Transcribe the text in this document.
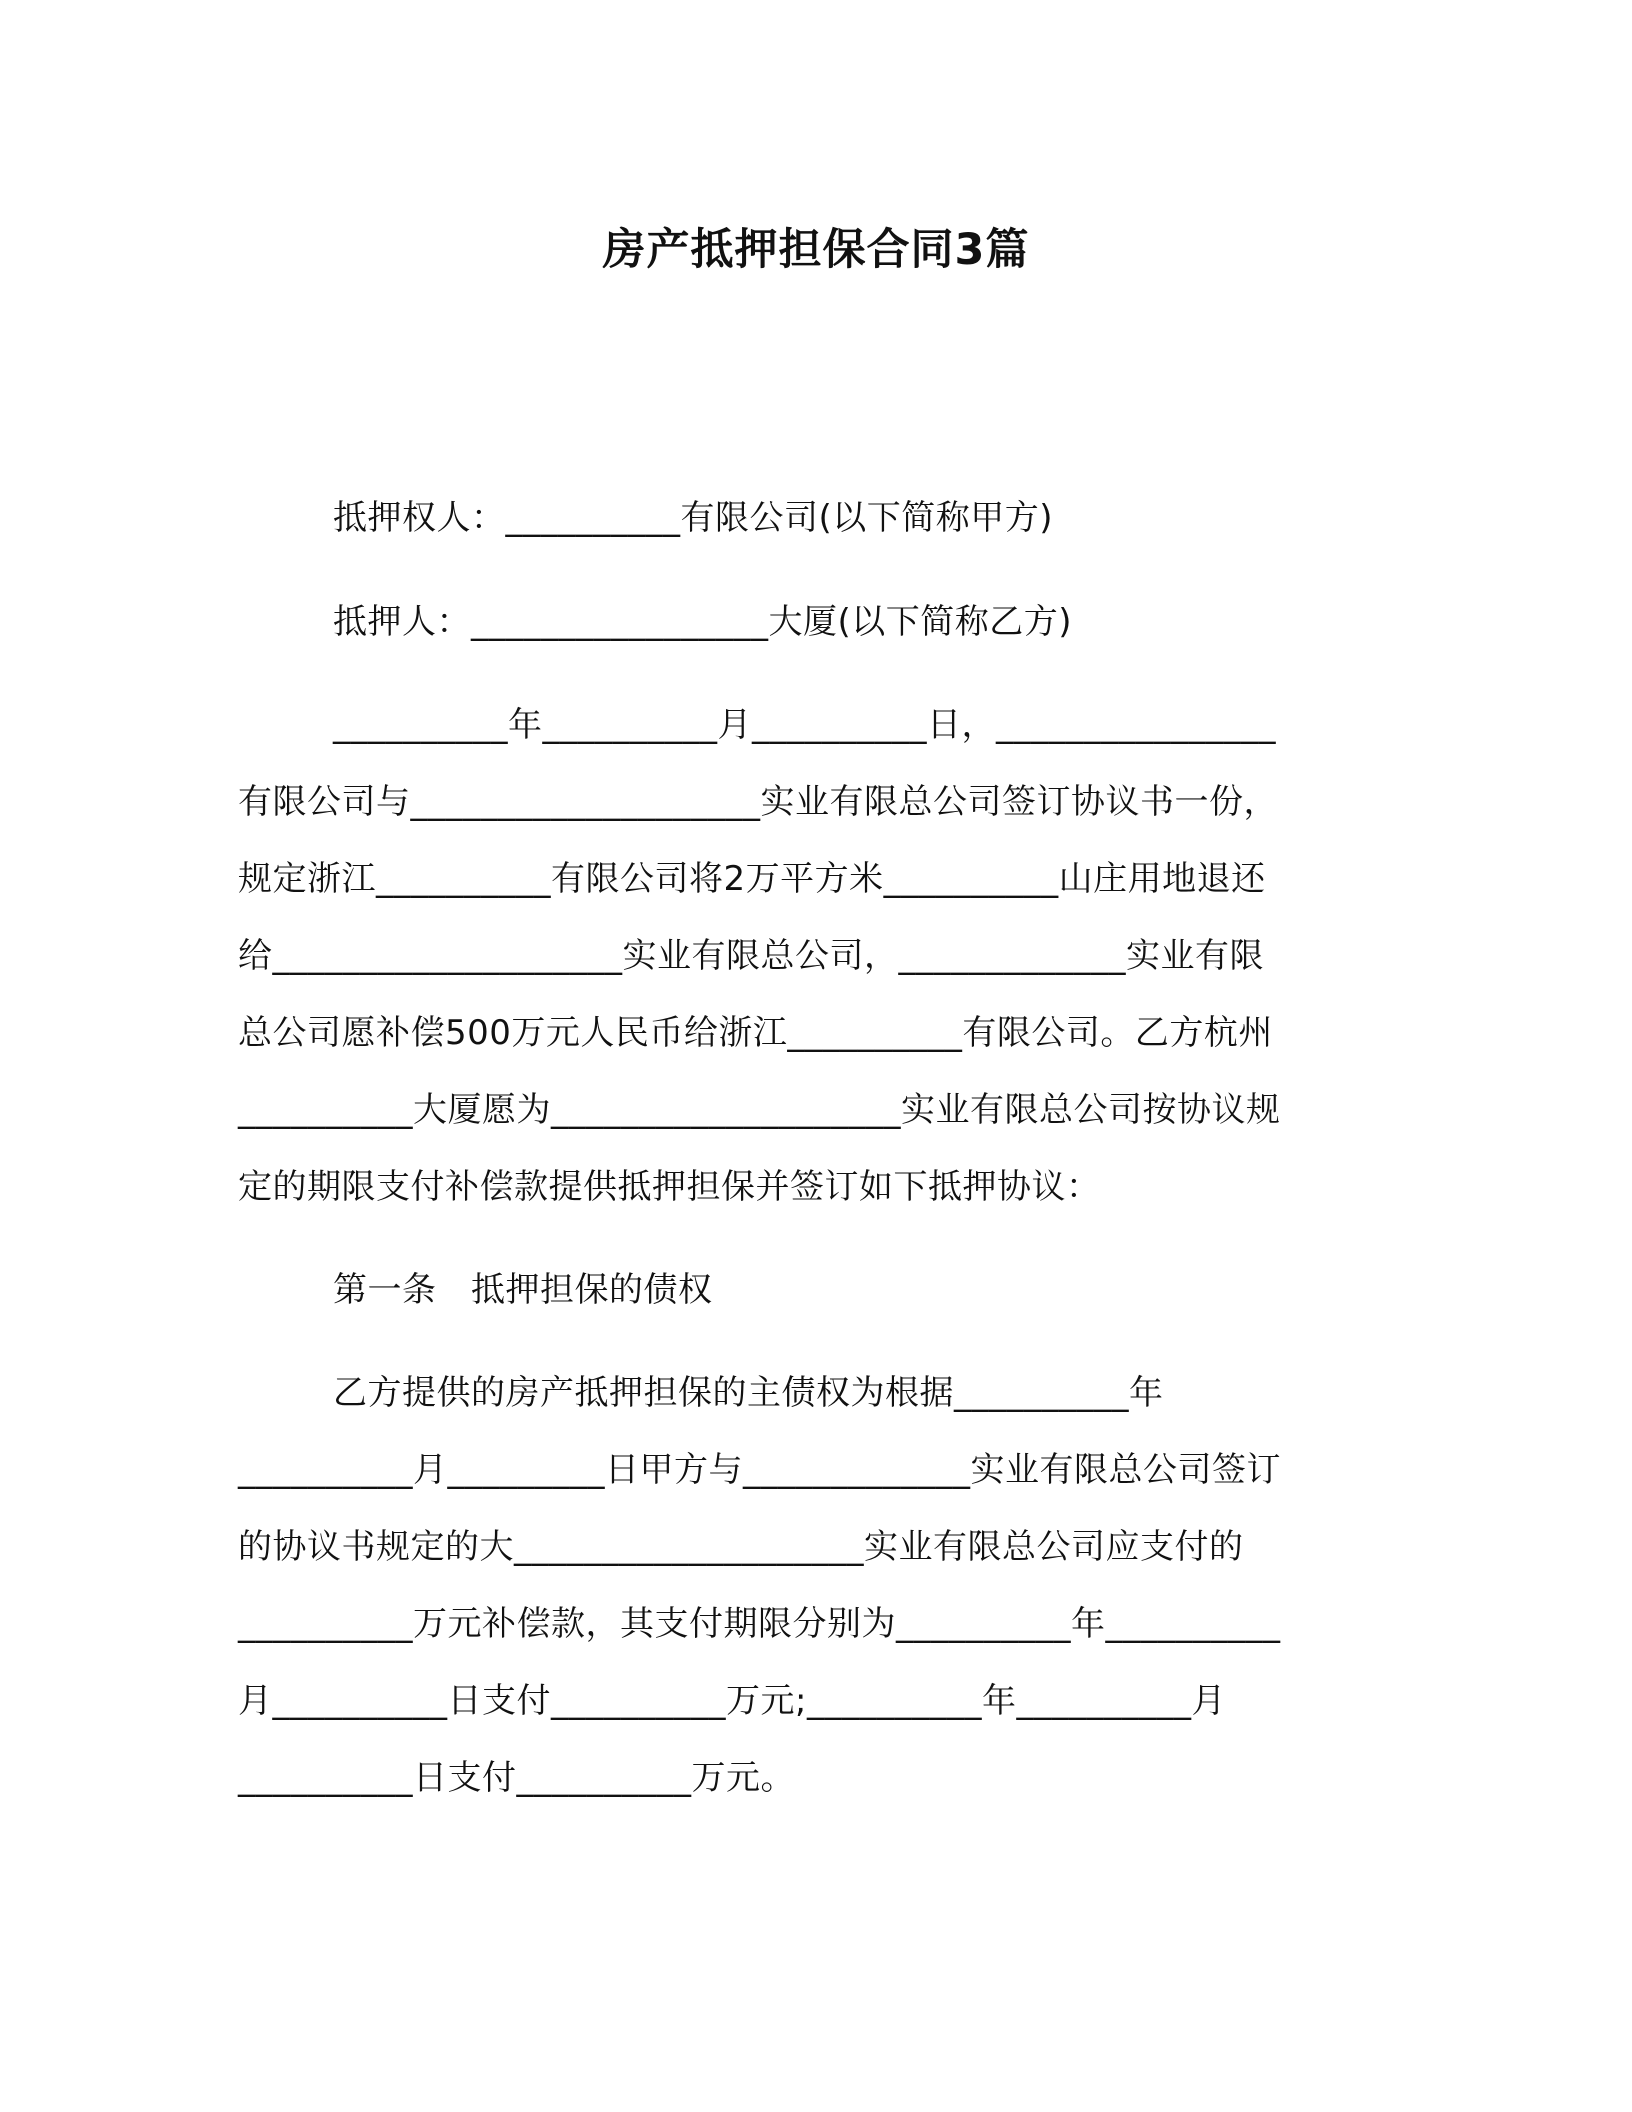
房产抵押担保合同3篇
抵押权人：__________有限公司(以下简称甲方)
抵押人：_________________大厦(以下简称乙方)
__________年__________月__________日，________________
有限公司与____________________实业有限总公司签订协议书一份，
规定浙江__________有限公司将2万平方米__________山庄用地退还
给____________________实业有限总公司，_____________实业有限
总公司愿补偿500万元人民币给浙江__________有限公司。乙方杭州
__________大厦愿为____________________实业有限总公司按协议规
定的期限支付补偿款提供抵押担保并签订如下抵押协议：
第一条　抵押担保的债权
乙方提供的房产抵押担保的主债权为根据__________年
__________月_________日甲方与_____________实业有限总公司签订
的协议书规定的大____________________实业有限总公司应支付的
__________万元补偿款，其支付期限分别为__________年__________
月__________日支付__________万元;__________年__________月
__________日支付__________万元。
